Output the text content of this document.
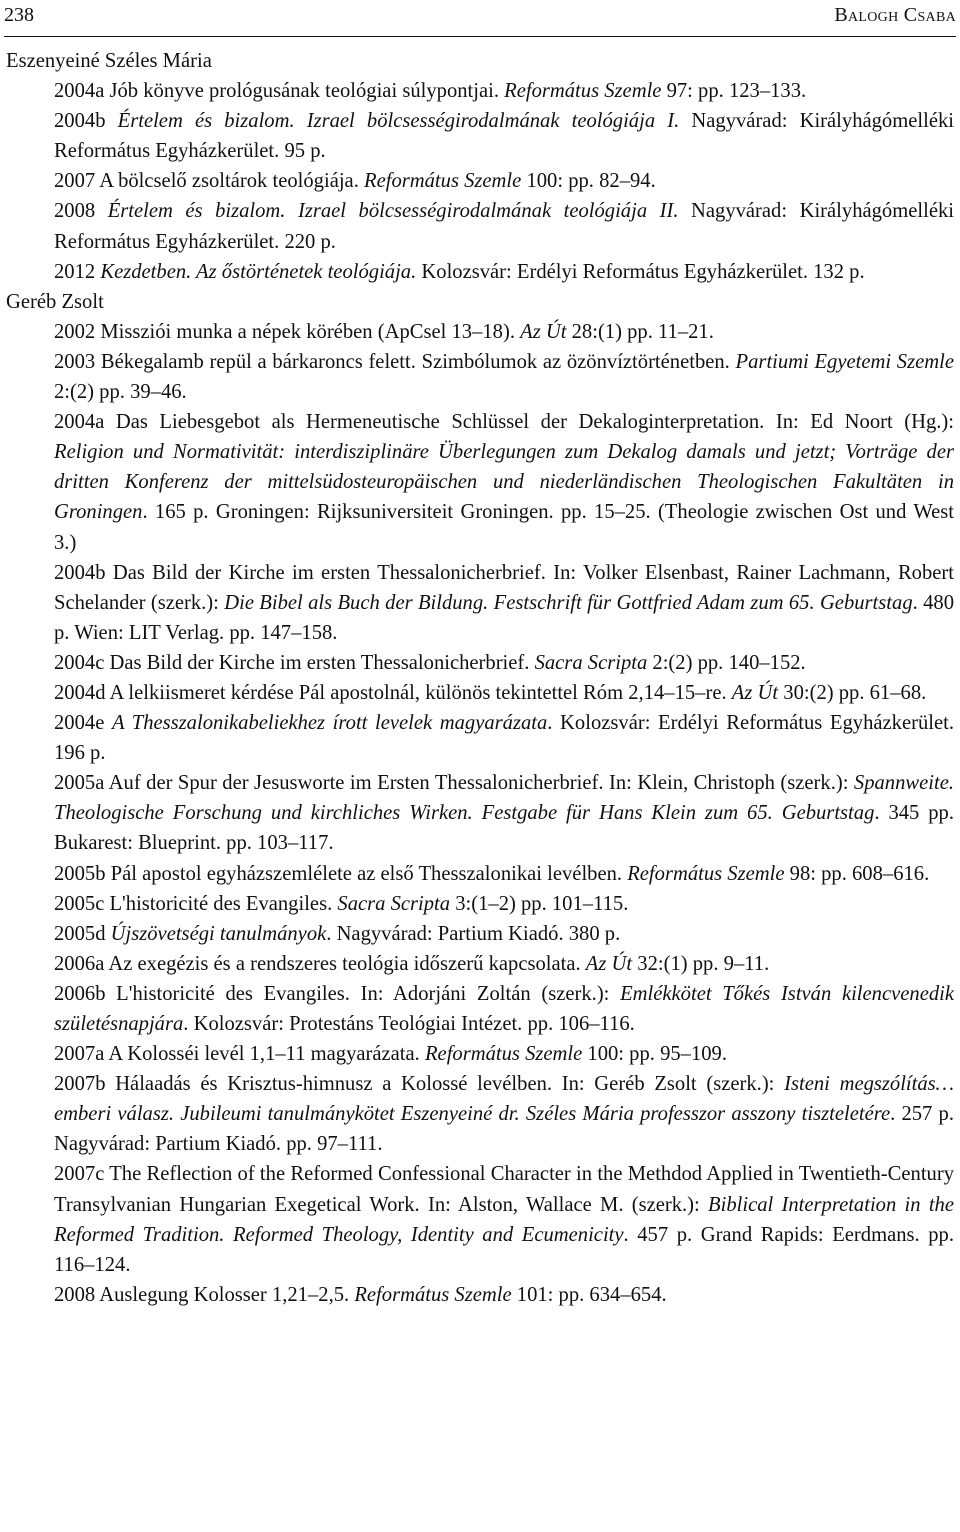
238	Balogh Csaba

Eszenyeiné Széles Mária

2004a Jób könyve prológusának teológiai súlypontjai. Református Szemle 97: pp. 123–133.

2004b Értelem és bizalom. Izrael bölcsességirodalmának teológiája I. Nagyvárad: Királyhágómelléki Református Egyházkerület. 95 p.

2007 A bölcselő zsoltárok teológiája. Református Szemle 100: pp. 82–94.

2008 Értelem és bizalom. Izrael bölcsességirodalmának teológiája II. Nagyvárad: Királyhágómelléki Református Egyházkerület. 220 p.

2012 Kezdetben. Az őstörténetek teológiája. Kolozsvár: Erdélyi Református Egyházkerület. 132 p.

Geréb Zsolt

2002 Missziói munka a népek körében (ApCsel 13–18). Az Út 28:(1) pp. 11–21.

2003 Békegalamb repül a bárkaroncs felett. Szimbólumok az özönvíztörténetben. Partiumi Egyetemi Szemle 2:(2) pp. 39–46.

2004a Das Liebesgebot als Hermeneutische Schlüssel der Dekaloginterpretation. In: Ed Noort (Hg.): Religion und Normativität: interdisziplinäre Überlegungen zum Dekalog damals und jetzt; Vorträge der dritten Konferenz der mittelsüdosteuropäischen und niederländischen Theologischen Fakultäten in Groningen. 165 p. Groningen: Rijksuniversiteit Groningen. pp. 15–25. (Theologie zwischen Ost und West 3.)

2004b Das Bild der Kirche im ersten Thessalonicherbrief. In: Volker Elsenbast, Rainer Lachmann, Robert Schelander (szerk.): Die Bibel als Buch der Bildung. Festschrift für Gottfried Adam zum 65. Geburtstag. 480 p. Wien: LIT Verlag. pp. 147–158.

2004c Das Bild der Kirche im ersten Thessalonicherbrief. Sacra Scripta 2:(2) pp. 140–152.

2004d A lelkiismeret kérdése Pál apostolnál, különös tekintettel Róm 2,14–15–re. Az Út 30:(2) pp. 61–68.

2004e A Thesszalonikabeliekhez írott levelek magyarázata. Kolozsvár: Erdélyi Református Egyházkerület. 196 p.

2005a Auf der Spur der Jesusworte im Ersten Thessalonicherbrief. In: Klein, Christoph (szerk.): Spannweite. Theologische Forschung und kirchliches Wirken. Festgabe für Hans Klein zum 65. Geburtstag. 345 pp. Bukarest: Blueprint. pp. 103–117.

2005b Pál apostol egyházszemlélete az első Thesszalonikai levélben. Református Szemle 98: pp. 608–616.

2005c L'historicité des Evangiles. Sacra Scripta 3:(1–2) pp. 101–115.

2005d Újszövetségi tanulmányok. Nagyvárad: Partium Kiadó. 380 p.

2006a Az exegézis és a rendszeres teológia időszerű kapcsolata. Az Út 32:(1) pp. 9–11.

2006b L'historicité des Evangiles. In: Adorjáni Zoltán (szerk.): Emlékkötet Tőkés István kilencvenedik születésnapjára. Kolozsvár: Protestáns Teológiai Intézet. pp. 106–116.

2007a A Kolosséi levél 1,1–11 magyarázata. Református Szemle 100: pp. 95–109.

2007b Hálaadás és Krisztus-himnusz a Kolossé levélben. In: Geréb Zsolt (szerk.): Isteni megszólítás… emberi válasz. Jubileumi tanulmánykötet Eszenyeiné dr. Széles Mária professzor asszony tiszteletére. 257 p. Nagyvárad: Partium Kiadó. pp. 97–111.

2007c The Reflection of the Reformed Confessional Character in the Methdod Applied in Twentieth-Century Transylvanian Hungarian Exegetical Work. In: Alston, Wallace M. (szerk.): Biblical Interpretation in the Reformed Tradition. Reformed Theology, Identity and Ecumenicity. 457 p. Grand Rapids: Eerdmans. pp. 116–124.

2008 Auslegung Kolosser 1,21–2,5. Református Szemle 101: pp. 634–654.
